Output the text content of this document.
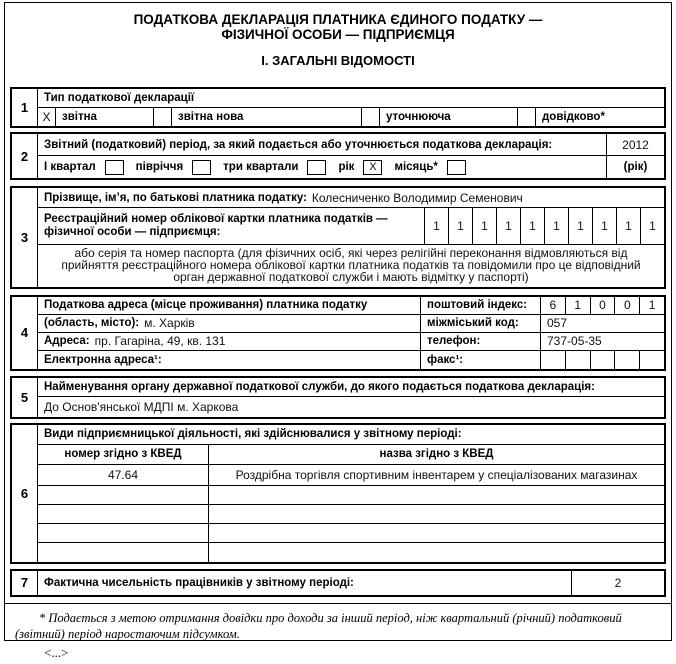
ПОДАТКОВА ДЕКЛАРАЦІЯ ПЛАТНИКА ЄДИНОГО ПОДАТКУ —
ФІЗИЧНОЇ ОСОБИ — ПІДПРИЄМЦЯ
І. ЗАГАЛЬНІ ВІДОМОСТІ
1
Тип податкової декларації
X	звітна	звітна нова	уточнююча	довідково*
2
Звітний (податковий) період, за який подається або уточнюється податкова декларація:
І квартал	півріччя	три квартали	рік	X	місяць*
2012
(рік)
3
Прізвище, ім’я, по батькові платника податку: Колесниченко Володимир Семенович
Реєстраційний номер облікової картки платника податків — фізичної особи — підприємця:	1	1	1	1	1	1	1	1	1	1
або серія та номер паспорта (для фізичних осіб, які через релігійні переконання відмовляються від прийняття реєстраційного номера облікової картки платника податків та повідомили про це відповідний орган державної податкової служби і мають відмітку у паспорті)
4
Податкова адреса (місце проживання) платника податку	поштовий індекс:	6	1	0	0	1
(область, місто): м. Харків	міжміський код:	057
Адреса: пр. Гагаріна, 49, кв. 131	телефон:	737-05-35
Електронна адреса¹:	факс¹:
5
Найменування органу державної податкової служби, до якого подається податкова декларація:
До Основ'янської МДПІ м. Харкова
6
Види підприємницької діяльності, які здійснювалися у звітному періоді:
номер згідно з КВЕД	назва згідно з КВЕД
47.64	Роздрібна торгівля спортивним інвентарем у спеціалізованих магазинах
7	Фактична чисельність працівників у звітному періоді:	2
* Подається з метою отримання довідки про доходи за інший період, ніж квартальний (річний) податковий (звітний) період наростаючим підсумком.
<...>
